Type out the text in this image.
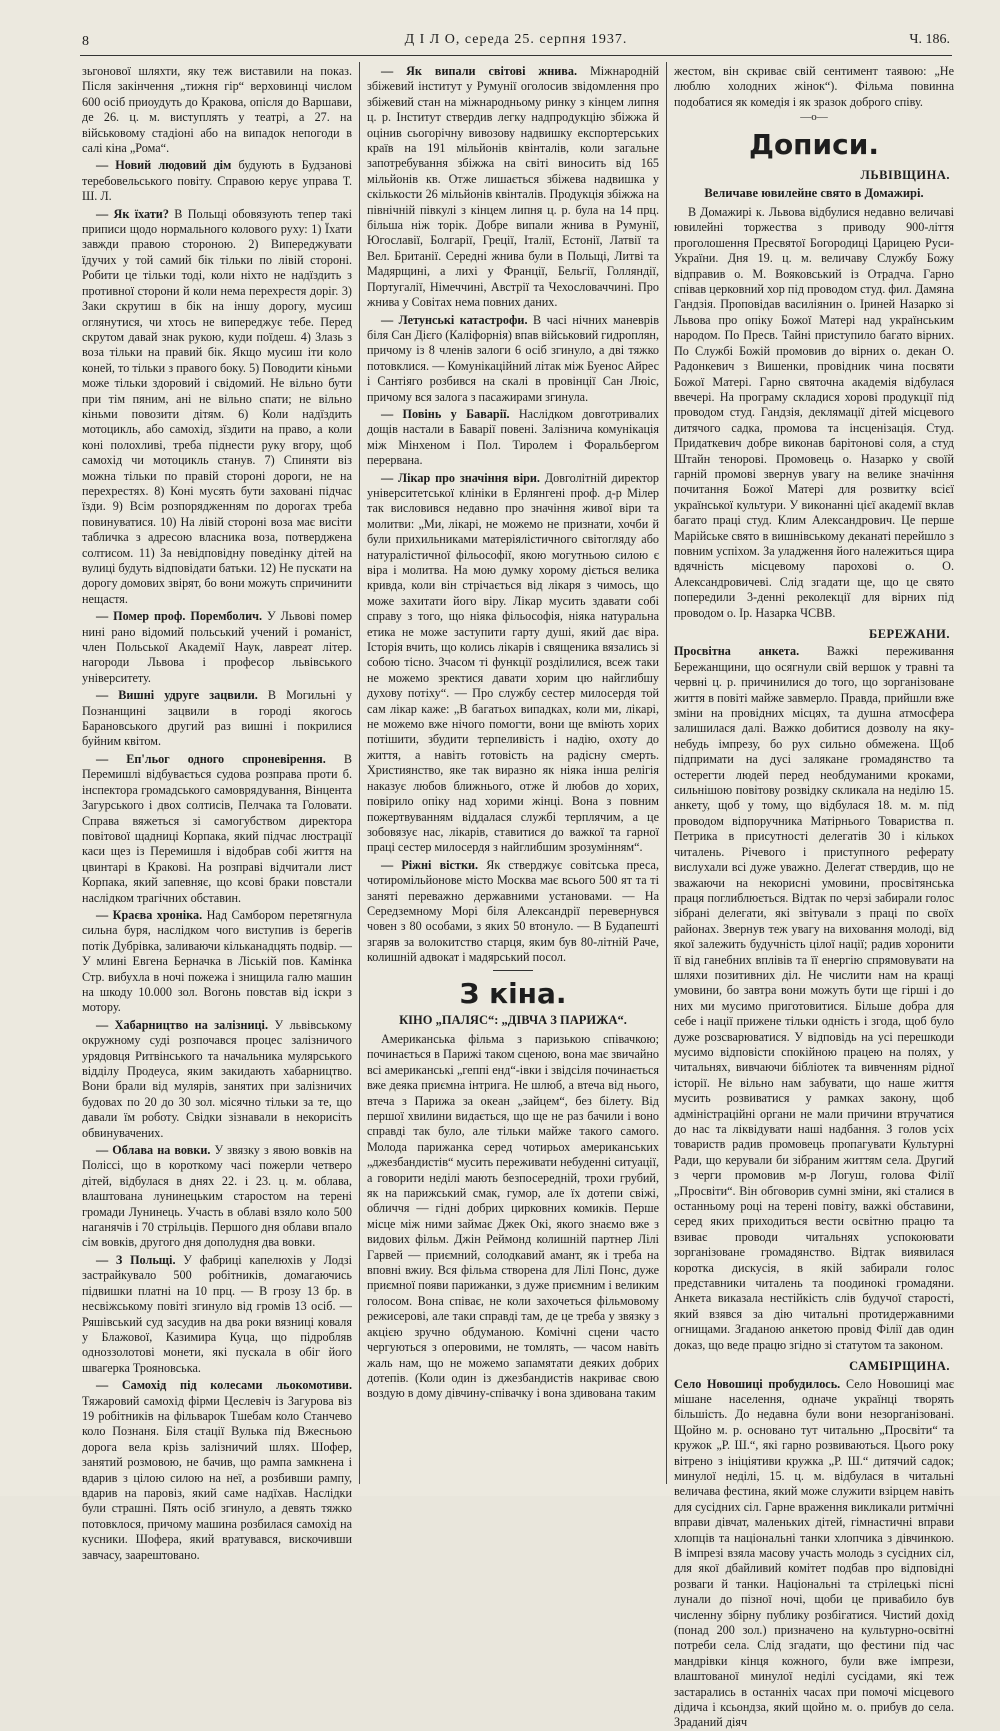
8	Д І Л О, середа 25. серпня 1937.	Ч. 186.

зьгонової шляхти, яку теж виставили на показ. Після закінчення „тижня гір“ верховинці числом 600 осіб приоудуть до Кракова, опісля до Варшави, де 26. ц. м. виступлять у театрі, а 27. на військовому стадіоні або на випадок непогоди в салі кіна „Рома“.

— Новий людовий дім будують в Будзанові теребовельського повіту. Справою керує управа Т. Ш. Л.

— Як їхати? В Польщі обовязують тепер такі приписи щодо нормального колового руху: 1) Їхати завжди правою стороною. 2) Випереджувати їдучих у той самий бік тільки по лівій стороні. Робити це тільки тоді, коли ніхто не надїздить з противної сторони й коли нема перехрестя доріг. 3) Заки скрутиш в бік на іншу дорогу, мусиш оглянутися, чи хтось не випереджує тебе. Перед скрутом давай знак рукою, куди поїдеш. 4) Злазь з воза тільки на правий бік. Якщо мусиш іти коло коней, то тільки з правого боку. 5) Поводити кіньми може тільки здоровий і свідомий. Не вільно бути при тім пяним, ані не вільно спати; не вільно кіньми повозити дітям. 6) Коли надїздить мотоцикль, або самохід, зїздити на право, а коли коні полохливі, треба піднести руку вгору, щоб самохід чи мотоцикль станув. 7) Спиняти віз можна тільки по правій стороні дороги, не на перехрестях. 8) Коні мусять бути заховані підчас їзди. 9) Всім розпорядженням по дорогах треба повинуватися. 10) На лівій стороні воза має висіти табличка з адресою власника воза, потверджена солтисом. 11) За невідповідну поведінку дітей на вулиці будуть відповідати батьки. 12) Не пускати на дорогу домових звірят, бо вони можуть спричинити нещастя.

— Помер проф. Поремболич. У Львові помер нині рано відомий польський учений і романіст, член Польської Академії Наук, лавреат літер. нагороди Львова і професор львівського університету.

— Вишні удруге зацвили. В Могильні у Познанщині зацвили в городі якогось Барановського другий раз вишні і покрилися буйним квітом.

— Еп'льог одного спроневірення. В Перемишлі відбувається судова розправа проти б. інспектора громадського самоврядування, Вінцента Загурського і двох солтисів, Пелчака та Головати. Справа вяжеться зі самогубством директора повітової щадниці Корпака, який підчас люстрації каси щез із Перемишля і відобрав собі життя на цвинтарі в Кракові. На розправі відчитали лист Корпака, який запевняє, що ксові браки повстали наслідком трагічних обставин.

— Краєва хроніка. Над Самбором перетягнула сильна буря, наслідком чого виступив із берегів потік Дубрівка, заливаючи кільканадцять подвір. — У млині Евгена Берначка в Ліській пов. Камінка Стр. вибухла в ночі пожежа і знищила галю машин на шкоду 10.000 зол. Вогонь повстав від іскри з мотору.

— Хабарництво на залізниці. У львівському окружному суді розпочався процес залізничого урядовця Ритвінського та начальника мулярського відділу Продеуса, яким закидають хабарництво. Вони брали від мулярів, занятих при залізничих будовах по 20 до 30 зол. місячно тільки за те, що давали їм роботу. Свідки зізнавали в некорисіть обвинувачених.

— Облава на вовки. У звязку з явою вовків на Поліссі, що в короткому часі пожерли четверо дітей, відбулася в днях 22. і 23. ц. м. облава, влаштована лунинецьким старостом на терені громади Лунинець. Участь в облаві взяло коло 500 наганячів і 70 стрільців. Першого дня облави впало сім вовків, другого дня дополудня два вовки.

— З Польщі. У фабриці капелюхів у Лодзі застрайкувало 500 робітників, домагаючись підвишки платні на 10 прц. — В грозу 13 бр. в несвіжському повіті згинуло від громів 13 осіб. — Ряшівський суд засудив на два роки вязниці коваля у Блажової, Казимира Куца, що підробляв одноззолотові монети, які пускала в обіг його швагерка Трояновська.

— Самохід під колесами льокомотиви. Тяжаровий самохід фірми Цеслевіч із Загурова віз 19 робітників на фільварок Тшебам коло Станчево коло Познаня. Біля стації Вулька під Вжесньою дорога вела крізь залізничий шлях. Шофер, занятий розмовою, не бачив, що рампа замкнена і вдарив з цілою силою на неї, а розбивши рампу, вдарив на паровіз, який саме надїхав. Наслідки були страшні. Пять осіб згинуло, а девять тяжко потовклося, причому машина розбилася самохід на кусники. Шофера, який вратувався, вискочивши завчасу, заарештовано.

— Як випали світові жнива. Міжнародній збіжевий інститут у Румунії оголосив звідомлення про збіжевий стан на міжнародньому ринку з кінцем липня ц. р. Інститут ствердив легку надпродукцію збіжжа й оцінив сьогорічну вивозову надвишку експортерських країв на 191 мільйонів квінталів, коли загальне запотребування збіжжа на світі виносить від 165 мільйонів кв. Отже лишається збіжева надвишка у скількости 26 мільйонів квінталів. Продукція збіжжа на північній півкулі з кінцем липня ц. р. була на 14 прц. більша ніж торік. Добре випали жнива в Румунії, Югославії, Болгарії, Греції, Італії, Естонії, Латвії та Вел. Британії. Середні жнива були в Польщі, Литві та Мадярщині, а лихі у Франції, Бельгії, Голляндії, Португалії, Німеччині, Австрії та Чехословаччині. Про жнива у Совітах нема повних даних.

— Летунські катастрофи. В часі нічних маневрів біля Сан Дієго (Каліфорнія) впав військовий гидроплян, причому із 8 членів залоги 6 осіб згинуло, а дві тяжко потовклися. — Комунікаційний літак між Буенос Айрес і Сантіяго розбився на скалі в провінції Сан Люіс, причому вся залога з пасажирами згинула.

— Повінь у Баварії. Наслідком довготривалих дощів настали в Баварії повені. Залізнича комунікація між Мінхеном і Пол. Тиролем і Форальбергом перервана.

— Лікар про значіння віри. Довголітній директор університетської клініки в Ерлянгені проф. д-р Мілер так висловився недавно про значіння живої віри та молитви: „Ми, лікарі, не можемо не признати, хочби й були прихильниками матеріялістичного світогляду або натуралістичної фільософії, якою могутньою силою є віра і молитва. На мою думку хорому діється велика кривда, коли він стрічається від лікаря з чимось, що може захитати його віру. Лікар мусить здавати собі справу з того, що ніяка фільософія, ніяка натуральна етика не може заступити гарту душі, який дає віра. Історія вчить, що колись лікарів і священика вязались зі собою тісно. Зчасом ті функції розділилися, всеж таки не можемо зректися давати хорим цю найглибшу духову потіху“. — Про службу сестер милосердя той сам лікар каже: „В багатьох випадках, коли ми, лікарі, не можемо вже нічого помогти, вони ще вміють хорих потішити, збудити терпеливість і надію, охоту до життя, а навіть готовість на радісну смерть. Християнство, яке так виразно як ніяка інша релігія наказує любов ближнього, отже й любов до хорих, повірило опіку над хорими жінці. Вона з повним пожертвуванням віддалася службі терплячим, а це зобовязує нас, лікарів, ставитися до важкої та гарної праці сестер милосердя з найглибшим зрозумінням“.

— Ріжні вістки. Як стверджує совітська преса, чотиромільйонове місто Москва має всього 500 ят та ті заняті переважно державними установами. — На Середземному Морі біля Александрії перевернувся човен з 80 особами, з яких 50 втонуло. — В Будапешті згаряв за волокитство старця, яким був 80-літній Раче, колишній адвокат і мадярський посол.

З кіна.
КІНО „ПАЛЯС“: „ДІВЧА З ПАРИЖА“.

Американська фільма з паризькою співачкою; починається в Парижі таком сценою, вона має звичайно всі американські „геппі енд“-івки і звідсіля починається вже деяка приємна інтрига. Не шлюб, а втеча від нього, втеча з Парижа за океан „зайцем“, без білету. Від першої хвилини видається, що ще не раз бачили і воно справді так було, але тільки майже такого самого. Молода парижанка серед чотирьох американських „джезбандистів“ мусить переживати небуденні ситуації, а говорити неділі мають безпосередній, трохи грубий, як на парижський смак, гумор, але їх дотепи свіжі, обличчя — гідні добрих цирковних комиків. Перше місце між ними займає Джек Окі, якого знаємо вже з видових фільм. Джін Реймонд колишній партнер Лілі Гарвей — приємний, солодкавий амант, як і треба на вповні вжиу. Вся фільма створена для Лілі Понс, дуже приємної появи парижанки, з дуже приємним і великим голосом. Вона співає, не коли захочеться фільмовому режисерові, але таки справді там, де це треба у звязку з акцією зручно обдуманою. Комічні сцени часто чергуються з оперовими, не томлять, — часом навіть жаль нам, що не можемо запамятати деяких добрих дотепів. (Коли один із джезбандистів накриває свою воздую в дому дівчину-співачку і вона здивована таким

жестом, він скриває свій сентимент таявою: „Не люблю холодних жінок“). Фільма повинна подобатися як комедія і як зразок доброго співу.

—o—
Дописи.
ЛЬВІВЩИНА.
Величаве ювилейне свято в Домажирі.

В Домажирі к. Львова відбулися недавно величаві ювилейні торжества з приводу 900-ліття проголошення Пресвятої Богородиці Царицею Руси-України. Дня 19. ц. м. величаву Службу Божу відправив о. М. Вояковський із Отрадча. Гарно співав церковний хор під проводом студ. фил. Дамяна Гандзія. Проповідав василіянин о. Іриней Назарко зі Львова про опіку Божої Матері над українським народом. По Пресв. Тайні приступило багато вірних. По Службі Божій промовив до вірних о. декан О. Радонкевич з Вишенки, провідник чина посвяти Божої Матері. Гарно святочна академія відбулася ввечері. На програму складися хорові продукції під проводом студ. Гандзія, деклямації дітей місцевого дитячого садка, промова та інсценізація. Студ. Придаткевич добре виконав барітонові соля, а студ Штайн тенорові. Промовець о. Назарко у своїй гарній промові звернув увагу на велике значіння почитання Божої Матері для розвитку всієї української культури. У виконанні цієї академії вклав багато праці студ. Клим Александрович. Це перше Марійське свято в вишнівському деканаті перейшло з повним успіхом. За уладження його належиться щира вдячність місцевому парохові о. О. Александровичеві. Слід згадати ще, що це свято попередили 3-денні реколекції для вірних під проводом о. Ір. Назарка ЧСВВ.

БЕРЕЖАНИ.

Просвітна анкета. Важкі переживання Бережанщини, що осягнули свій вершок у травні та червні ц. р. причинилися до того, що зорганізоване життя в повіті майже завмерло. Правда, прийшли вже зміни на провідних місцях, та душна атмосфера залишилася далі. Важко добитися дозволу на яку-небудь імпрезу, бо рух сильно обмежена. Щоб підпримати на дусі заляканe громадянство та остерегти людей перед необдуманими кроками, сильнішою повітову розвідку скликала на неділю 15. анкету, щоб у тому, що відбулася 18. м. м. під проводом відпоручника Матірнього Товариства п. Петрика в присутності делегатів 30 і кількох читалень. Річевого і приступного реферату вислухали всі дуже уважно. Делегат ствердив, що не зважаючи на некорисні умовини, просвітянська праця поглиблюється. Відтак по черзі забирали голос зібрані делегати, які звітували з праці по своїх районах. Звернув теж увагу на виховання молоді, від якої залежить будучність цілої нації; радив хоронити її від ганебних вплівів та її енергію спрямовувати на шляхи позитивних діл. Не числити нам на кращі умовини, бо завтра вони можуть бути ще гірші і до них ми мусимо приготовитися. Більше добра для себе і нації прижене тільки одність і згода, щоб було дуже розсварюватися. У відповідь на усі перешкоди мусимо відповісти спокійною працею на полях, у читальнях, вивчаючи бібліотек та вивченням рідної історії. Не вільно нам забувати, що наше життя мусить розвиватися у рамках закону, щоб адміністраційні органи не мали причини втручатися до нас та ліквідувати наші надбання. З голов усіх товариств радив промовець пропагувати Культурні Ради, що керували би зібраним життям села. Другий з черги промовив м-р Логуш, голова Філії „Просвіти“. Він обговорив сумні зміни, які сталися в останньому році на терені повіту, важкі обставини, серед яких приходиться вести освітню працю та взиває проводи читальнях успокоювати зорганізоване громадянство. Відтак виявилася коротка дискусія, в якій забирали голос представники читалень та поодинокі громадяни. Анкета виказала нестійкість слів будучої старості, який взявся за дію читальні протидержавними огнищами. Згаданою анкетою провід Філії дав один доказ, що веде працю згідно зі статутом та законом.

САМБІРЩИНА.

Село Новошиці пробудилось. Село Новошиці має мішане населення, одначе українці творять більшість. До недавна були вони незорганізовані. Щойно м. р. основано тут читальню „Просвіти“ та кружок „Р. Ш.“, які гарно розвиваються. Цього року вітрено з ініціятиви кружка „Р. Ш.“ дитячий садок; минулої неділі, 15. ц. м. відбулася в читальні величава фестина, який може служити взірцем навіть для сусідних сіл. Гарне враження викликали ритмічні вправи дівчат, маленьких дітей, гімнастичні вправи хлопців та національні танки хлопчика з дівчинкою. В імпрезі взяла масову участь молодь з сусідних сіл, для якої дбайливий комітет подбав про відповідні розваги й танки. Національні та стрілецькі пісні лунали до пізної ночі, щоби це привабило був численну збірну публику розбігатися. Чистий дохід (понад 200 зол.) призначено на культурно-освітні потреби села. Слід згадати, що фестини під час мандрівки кінця кожного, були вже імпрези, влаштованої минулої неділі сусідами, які теж застарались в останніх часах при помочі місцевого дідича і ксьондза, який щойно м. о. прибув до села. Зраданий діяч
